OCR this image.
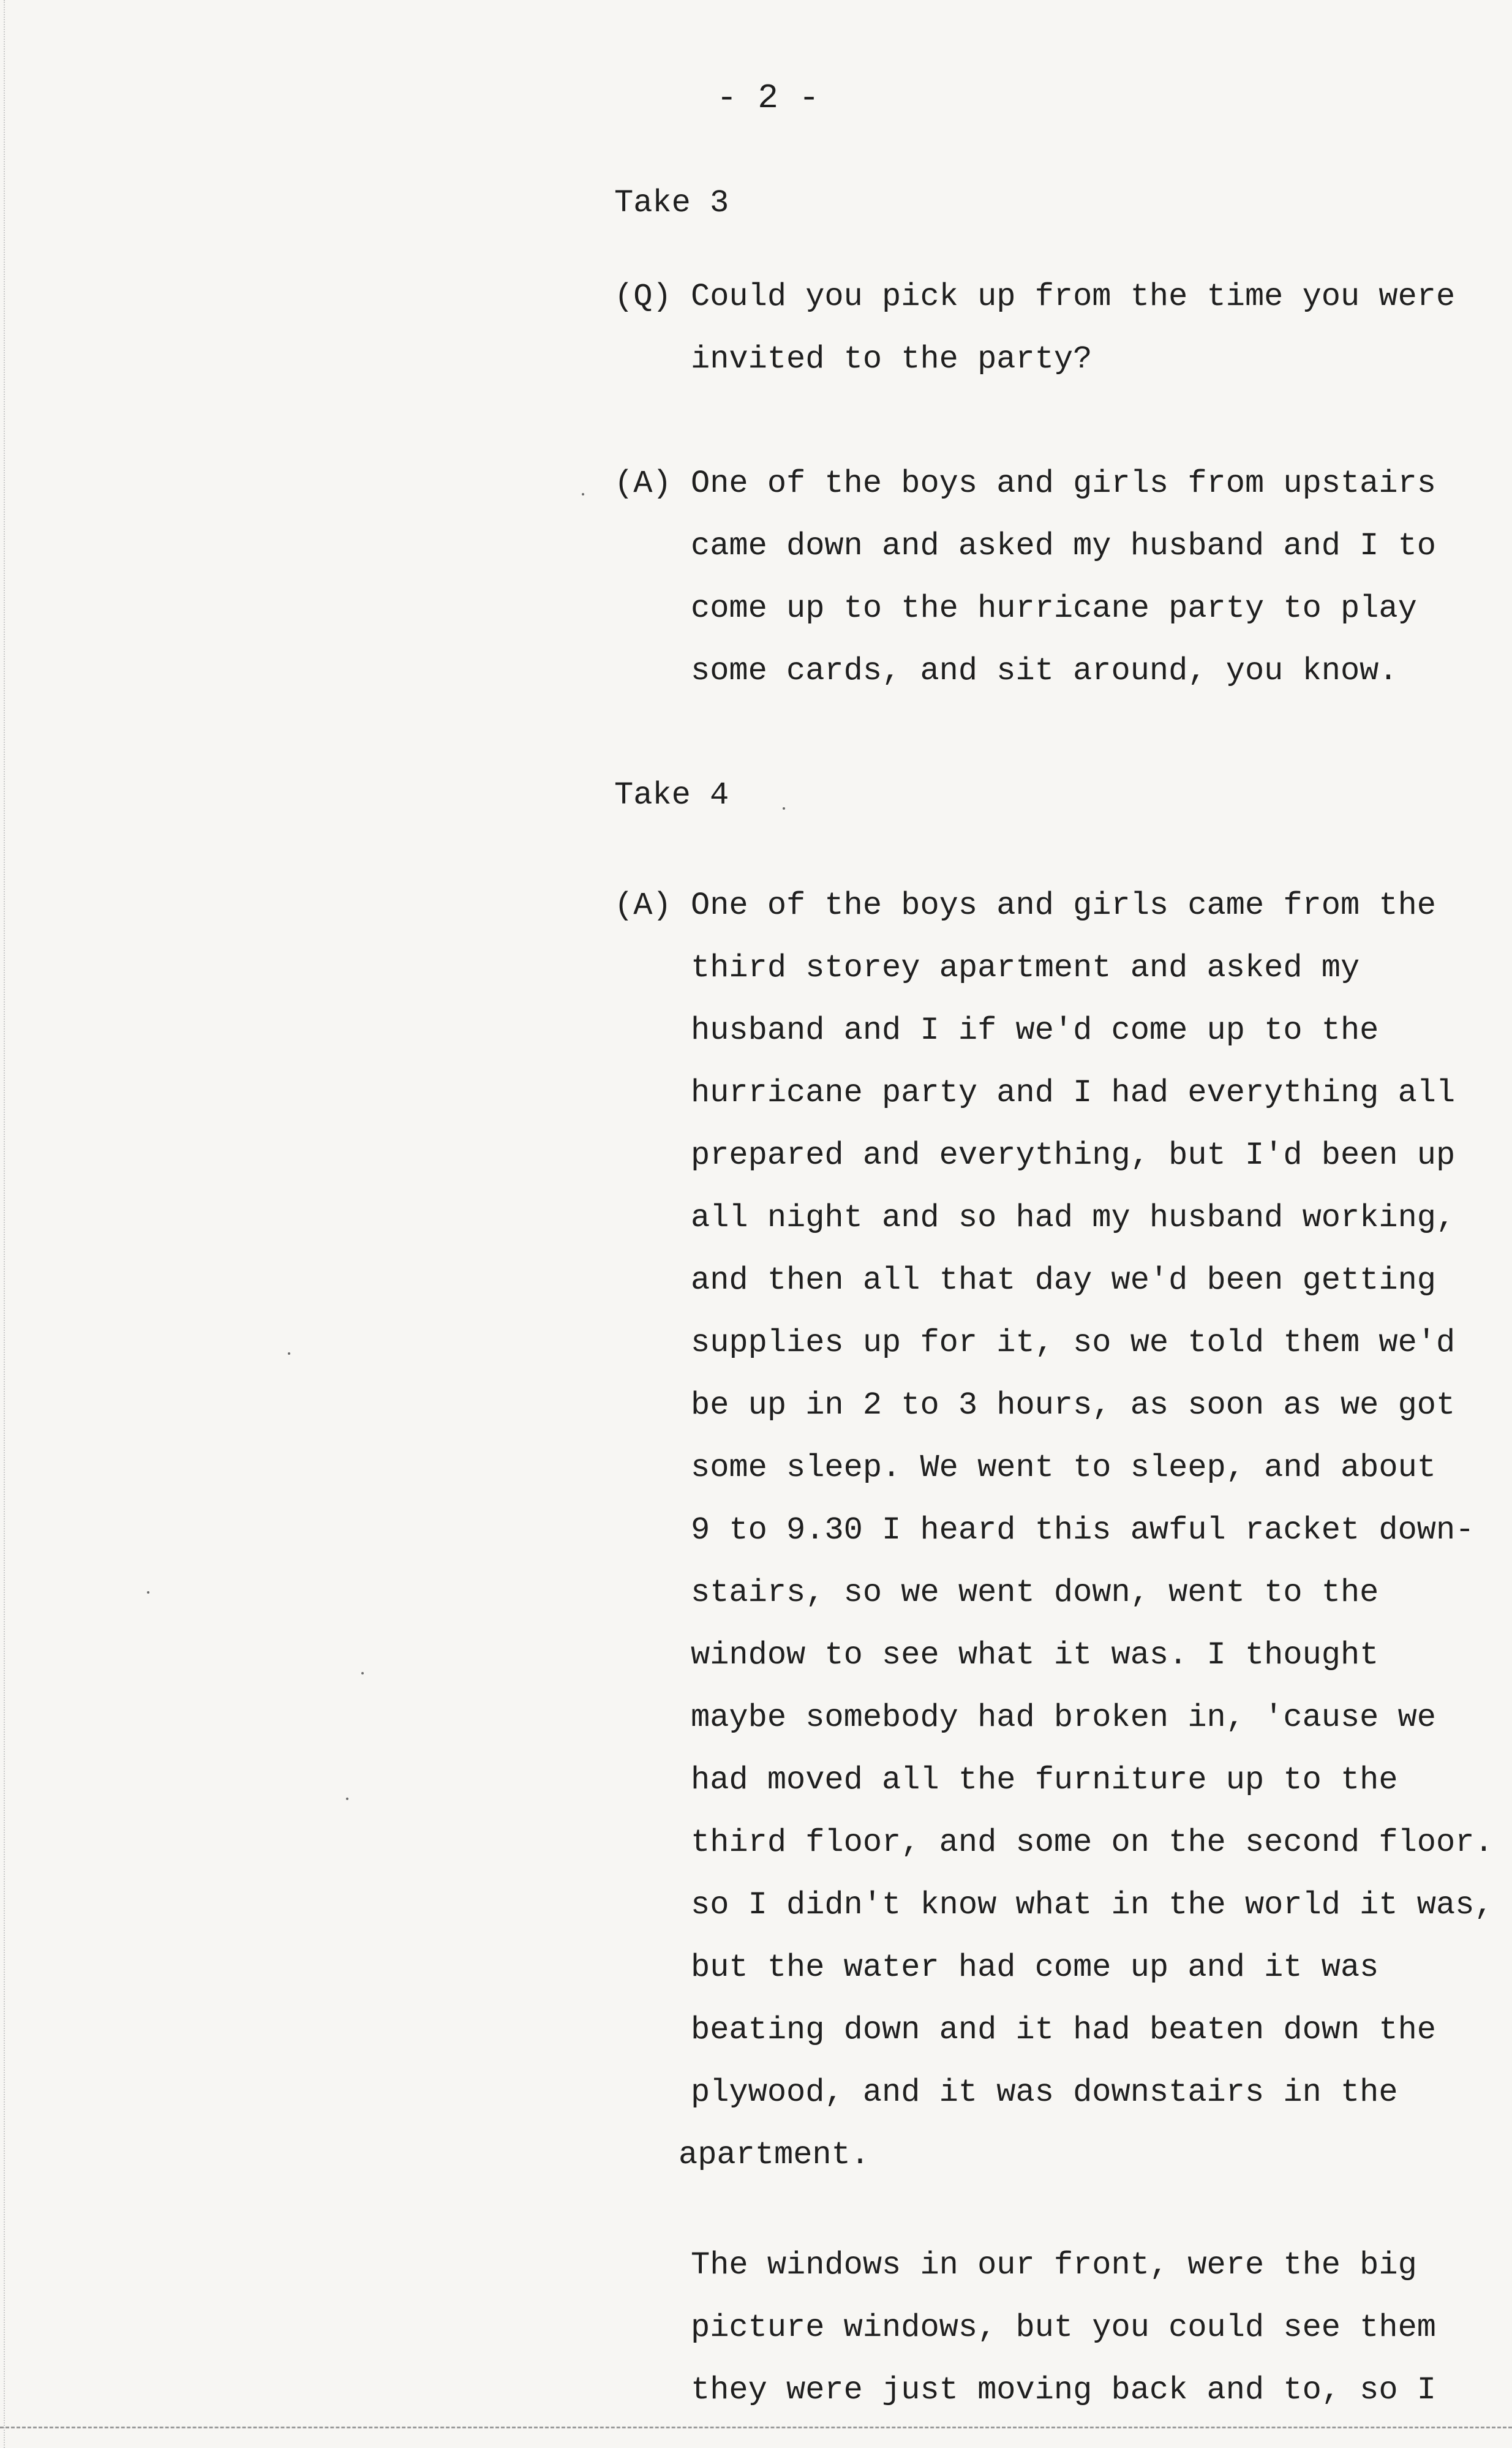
- 2 -
Take 3
(Q) Could you pick up from the time you were
invited to the party?
(A) One of the boys and girls from upstairs
came down and asked my husband and I to
come up to the hurricane party to play
some cards, and sit around, you know.
Take 4
(A) One of the boys and girls came from the
third storey apartment and asked my
husband and I if we'd come up to the
hurricane party and I had everything all
prepared and everything, but I'd been up
all night and so had my husband working,
and then all that day we'd been getting
supplies up for it, so we told them we'd
be up in 2 to 3 hours, as soon as we got
some sleep. We went to sleep, and about
9 to 9.30 I heard this awful racket down-
stairs, so we went down, went to the
window to see what it was. I thought
maybe somebody had broken in, 'cause we
had moved all the furniture up to the
third floor, and some on the second floor.
so I didn't know what in the world it was,
but the water had come up and it was
beating down and it had beaten down the
plywood, and it was downstairs in the
apartment.
The windows in our front, were the big
picture windows, but you could see them
they were just moving back and to, so I
